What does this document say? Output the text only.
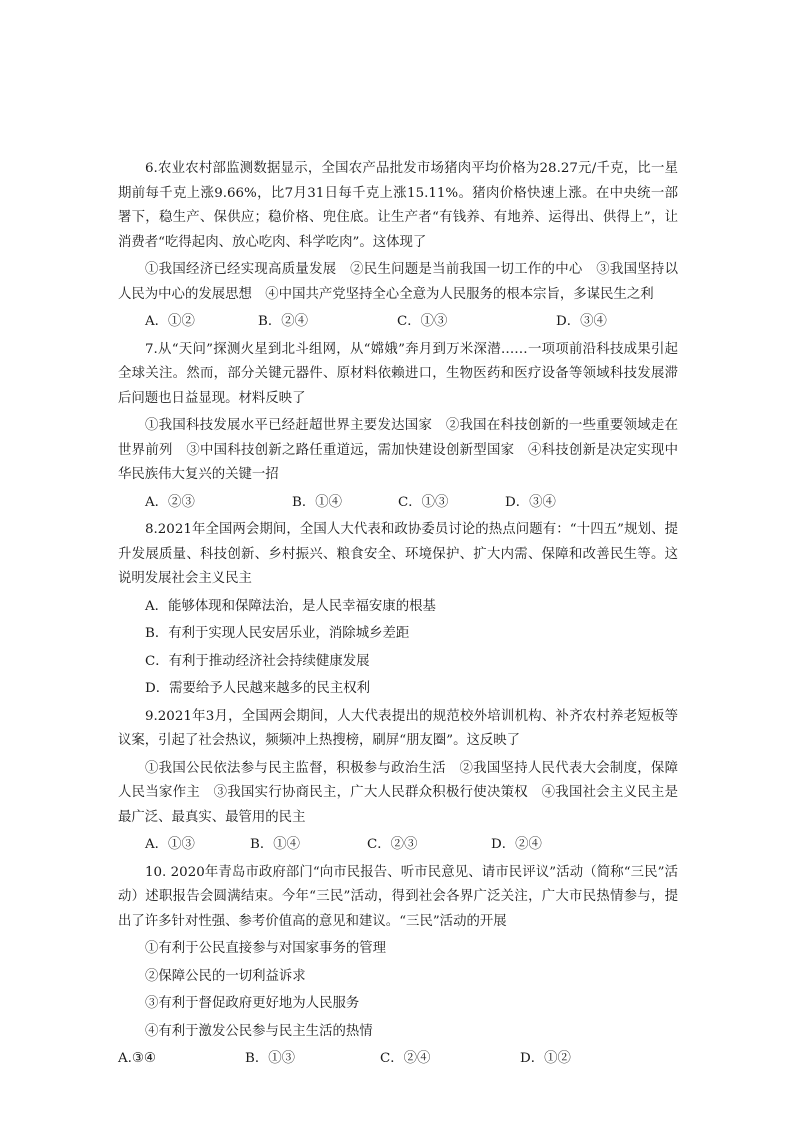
6.农业农村部监测数据显示，全国农产品批发市场猪肉平均价格为28.27元/千克，比一星期前每千克上涨9.66%，比7月31日每千克上涨15.11%。猪肉价格快速上涨。在中央统一部署下，稳生产、保供应；稳价格、兜住底。让生产者“有钱养、有地养、运得出、供得上”，让消费者“吃得起肉、放心吃肉、科学吃肉”。这体现了

①我国经济已经实现高质量发展　②民生问题是当前我国一切工作的中心　③我国坚持以人民为中心的发展思想　④中国共产党坚持全心全意为人民服务的根本宗旨，多谋民生之利

A．①②	B．②④	C．①③	D．③④

7.从“天问”探测火星到北斗组网，从“嫦娥”奔月到万米深潜……一项项前沿科技成果引起全球关注。然而，部分关键元器件、原材料依赖进口，生物医药和医疗设备等领域科技发展滞后问题也日益显现。材料反映了

①我国科技发展水平已经赶超世界主要发达国家　②我国在科技创新的一些重要领域走在世界前列　③中国科技创新之路任重道远，需加快建设创新型国家　④科技创新是决定实现中华民族伟大复兴的关键一招

A．②③	B．①④	C．①③	D．③④

8.2021年全国两会期间，全国人大代表和政协委员讨论的热点问题有：“十四五”规划、提升发展质量、科技创新、乡村振兴、粮食安全、环境保护、扩大内需、保障和改善民生等。这说明发展社会主义民主

A．能够体现和保障法治，是人民幸福安康的根基
B．有利于实现人民安居乐业，消除城乡差距
C．有利于推动经济社会持续健康发展
D．需要给予人民越来越多的民主权利

9.2021年3月，全国两会期间，人大代表提出的规范校外培训机构、补齐农村养老短板等议案，引起了社会热议，频频冲上热搜榜，刷屏“朋友圈”。这反映了

①我国公民依法参与民主监督，积极参与政治生活　②我国坚持人民代表大会制度，保障人民当家作主　③我国实行协商民主，广大人民群众积极行使决策权　④我国社会主义民主是最广泛、最真实、最管用的民主

A．①③	B．①④	C．②③	D．②④

10. 2020年青岛市政府部门“向市民报告、听市民意见、请市民评议”活动（简称“三民”活动）述职报告会圆满结束。今年“三民”活动，得到社会各界广泛关注，广大市民热情参与，提出了许多针对性强、参考价值高的意见和建议。“三民”活动的开展

①有利于公民直接参与对国家事务的管理
②保障公民的一切利益诉求
③有利于督促政府更好地为人民服务
④有利于激发公民参与民主生活的热情
A.③④	B．①③	C．②④	D．①②
